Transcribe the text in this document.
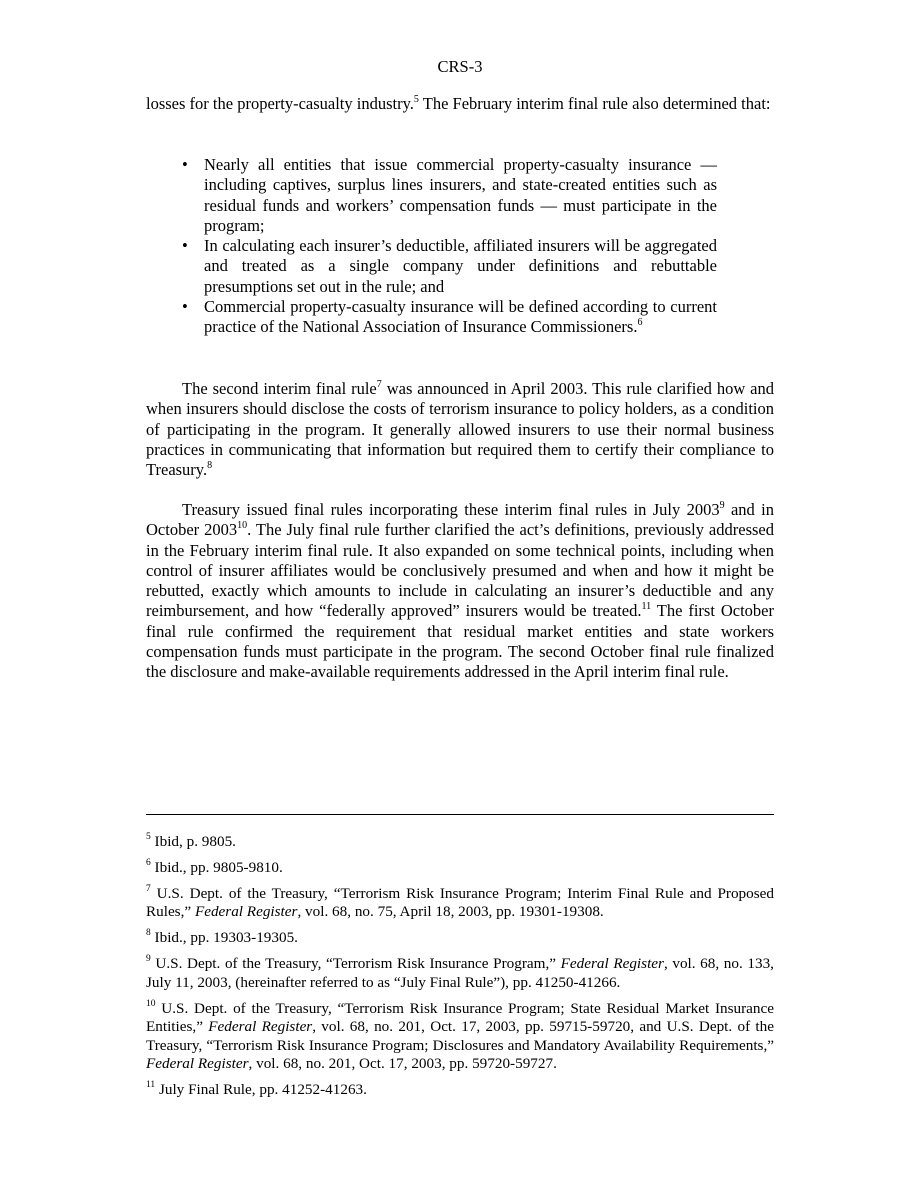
CRS-3

losses for the property-casualty industry.$^5$ The February interim final rule also determined that:

• Nearly all entities that issue commercial property-casualty insurance — including captives, surplus lines insurers, and state-created entities such as residual funds and workers’ compensation funds — must participate in the program;
• In calculating each insurer’s deductible, affiliated insurers will be aggregated and treated as a single company under definitions and rebuttable presumptions set out in the rule; and
• Commercial property-casualty insurance will be defined according to current practice of the National Association of Insurance Commissioners.$^6$

The second interim final rule$^7$ was announced in April 2003. This rule clarified how and when insurers should disclose the costs of terrorism insurance to policy holders, as a condition of participating in the program. It generally allowed insurers to use their normal business practices in communicating that information but required them to certify their compliance to Treasury.$^8$

Treasury issued final rules incorporating these interim final rules in July 2003$^9$ and in October 2003$^{10}$. The July final rule further clarified the act’s definitions, previously addressed in the February interim final rule. It also expanded on some technical points, including when control of insurer affiliates would be conclusively presumed and when and how it might be rebutted, exactly which amounts to include in calculating an insurer’s deductible and any reimbursement, and how “federally approved” insurers would be treated.$^{11}$ The first October final rule confirmed the requirement that residual market entities and state workers compensation funds must participate in the program. The second October final rule finalized the disclosure and make-available requirements addressed in the April interim final rule.

$^5$ Ibid, p. 9805.

$^6$ Ibid., pp. 9805-9810.

$^7$ U.S. Dept. of the Treasury, “Terrorism Risk Insurance Program; Interim Final Rule and Proposed Rules,” Federal Register, vol. 68, no. 75, April 18, 2003, pp. 19301-19308.

$^8$ Ibid., pp. 19303-19305.

$^9$ U.S. Dept. of the Treasury, “Terrorism Risk Insurance Program,” Federal Register, vol. 68, no. 133, July 11, 2003, (hereinafter referred to as “July Final Rule”), pp. 41250-41266.

$^{10}$ U.S. Dept. of the Treasury, “Terrorism Risk Insurance Program; State Residual Market Insurance Entities,” Federal Register, vol. 68, no. 201, Oct. 17, 2003, pp. 59715-59720, and U.S. Dept. of the Treasury, “Terrorism Risk Insurance Program; Disclosures and Mandatory Availability Requirements,” Federal Register, vol. 68, no. 201, Oct. 17, 2003, pp. 59720-59727.

$^{11}$ July Final Rule, pp. 41252-41263.
